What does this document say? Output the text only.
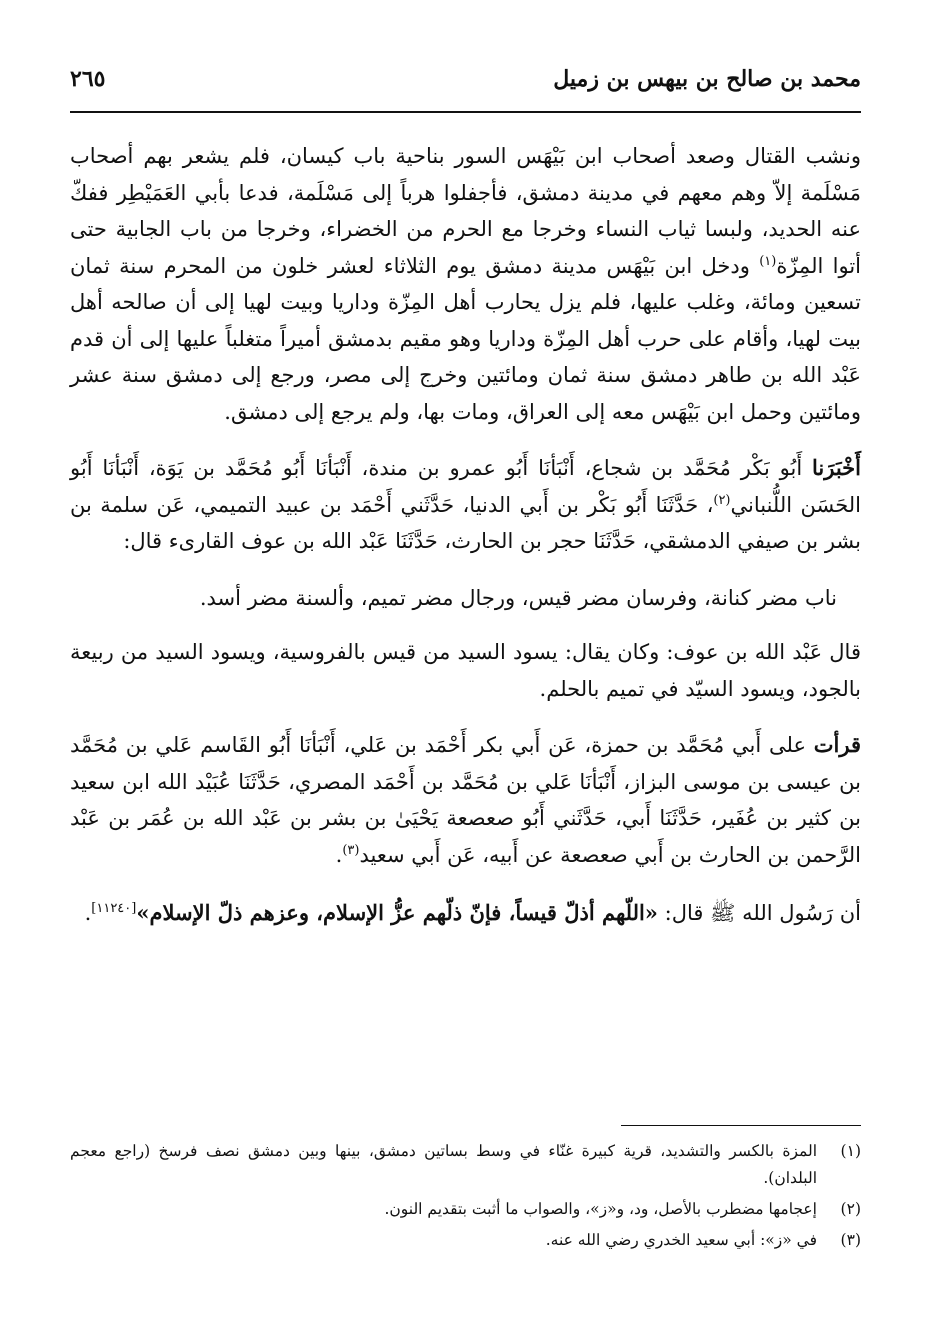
محمد بن صالح بن بيهس بن زميل
٢٦٥

ونشب القتال وصعد أصحاب ابن بَيْهَس السور بناحية باب كيسان، فلم يشعر بهم أصحاب مَسْلَمة إلاّ وهم معهم في مدينة دمشق، فأجفلوا هرباً إلى مَسْلَمة، فدعا بأبي العَمَيْطِر ففكّ عنه الحديد، ولبسا ثياب النساء وخرجا مع الحرم من الخضراء، وخرجا من باب الجابية حتى أتوا المِزّة$^{(١)}$ ودخل ابن بَيْهَس مدينة دمشق يوم الثلاثاء لعشر خلون من المحرم سنة ثمان تسعين ومائة، وغلب عليها، فلم يزل يحارب أهل المِزّة وداريا وبيت لهيا إلى أن صالحه أهل بيت لهيا، وأقام على حرب أهل المِزّة وداريا وهو مقيم بدمشق أميراً متغلباً عليها إلى أن قدم عَبْد الله بن طاهر دمشق سنة ثمان ومائتين وخرج إلى مصر، ورجع إلى دمشق سنة عشر ومائتين وحمل ابن بَيْهَس معه إلى العراق، ومات بها، ولم يرجع إلى دمشق.

أَخْبَرَنا أَبُو بَكْر مُحَمَّد بن شجاع، أَنْبَأنَا أَبُو عمرو بن مندة، أَنْبَأنَا أَبُو مُحَمَّد بن يَوَة، أَنْبَأنَا أَبُو الحَسَن اللُّنباني$^{(٢)}$، حَدَّثَنَا أَبُو بَكْر بن أَبي الدنيا، حَدَّثَني أَحْمَد بن عبيد التميمي، عَن سلمة بن بشر بن صيفي الدمشقي، حَدَّثَنَا حجر بن الحارث، حَدَّثَنَا عَبْد الله بن عوف القارىء قال:

ناب مضر كنانة، وفرسان مضر قيس، ورجال مضر تميم، وألسنة مضر أسد.

قال عَبْد الله بن عوف: وكان يقال: يسود السيد من قيس بالفروسية، ويسود السيد من ربيعة بالجود، ويسود السيّد في تميم بالحلم.

قرأت على أَبي مُحَمَّد بن حمزة، عَن أَبي بكر أَحْمَد بن عَلي، أَنْبَأنَا أَبُو القَاسم عَلي بن مُحَمَّد بن عيسى بن موسى البزاز، أَنْبَأنَا عَلي بن مُحَمَّد بن أَحْمَد المصري، حَدَّثَنَا عُبَيْد الله ابن سعيد بن كثير بن عُفَير، حَدَّثَنَا أَبي، حَدَّثَني أَبُو صعصعة يَحْيَىٰ بن بشر بن عَبْد الله بن عُمَر بن عَبْد الرَّحمن بن الحارث بن أَبي صعصعة عن أَبيه، عَن أَبي سعيد$^{(٣)}$.

أن رَسُول الله ﷺ قال: «اللّهم أذلّ قيساً، فإنّ ذلّهم عزُّ الإسلام، وعزهم ذلّ الإسلام»[١١٢٤٠].

(١)
المزة بالكسر والتشديد، قرية كبيرة غنّاء في وسط بساتين دمشق، بينها وبين دمشق نصف فرسخ (راجع معجم البلدان).
(٢)
إعجامها مضطرب بالأصل، ود، و«ز»، والصواب ما أثبت بتقديم النون.
(٣)
في «ز»: أبي سعيد الخدري رضي الله عنه.
